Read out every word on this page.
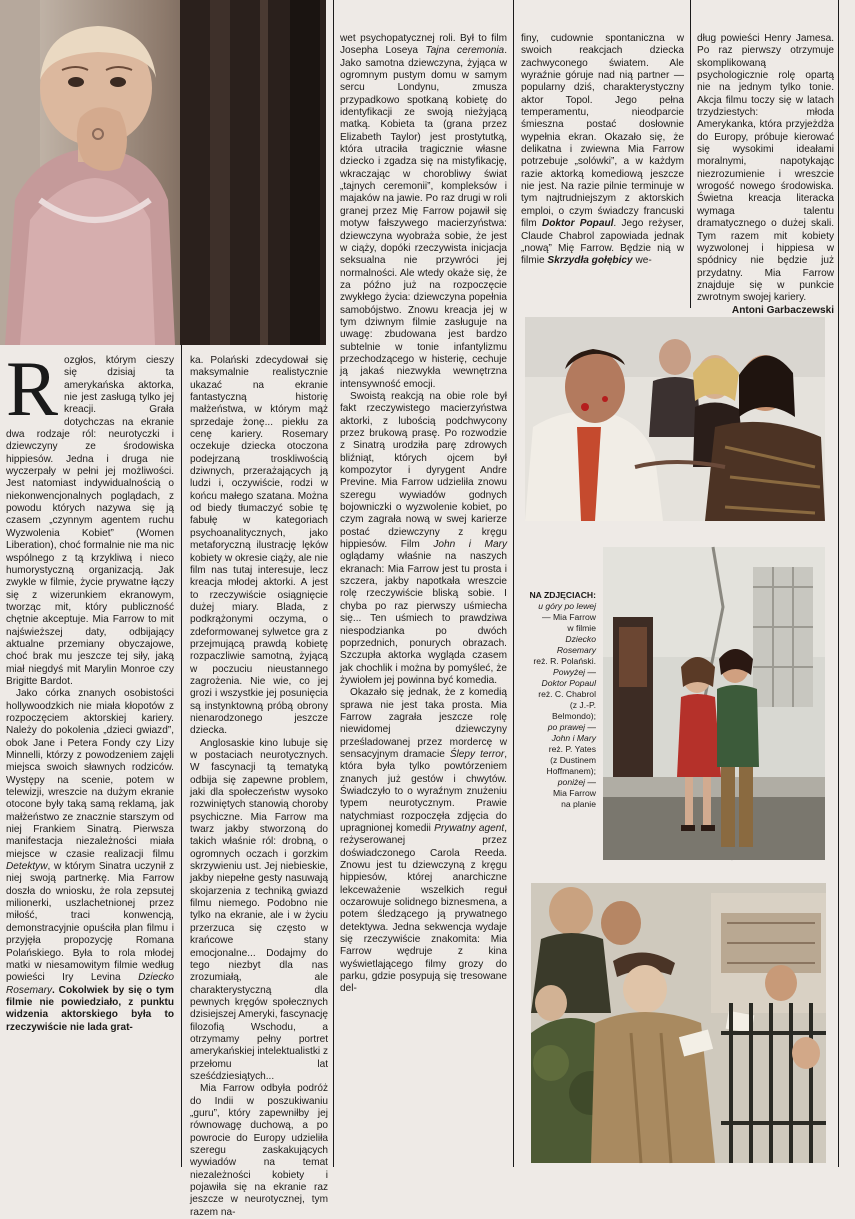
Rozgłos, którym cieszy się dzisiaj ta amerykańska aktorka, nie jest zasługą tylko jej kreacji. Grała dotychczas na ekranie dwa rodzaje ról: neurotyczki i dziewczyny ze środowiska hippiesów. Jedna i druga nie wyczerpały w pełni jej możliwości. Jest natomiast indywidualnością o niekonwencjonalnych poglądach, z powodu których nazywa się ją czasem „czynnym agentem ruchu Wyzwolenia Kobiet” (Women Liberation), choć formalnie nie ma nic wspólnego z tą krzykliwą i nieco humorystyczną organizacją. Jak zwykle w filmie, życie prywatne łączy się z wizerunkiem ekranowym, tworząc mit, który publiczność chętnie akceptuje. Mia Farrow to mit najświeższej daty, odbijający aktualne przemiany obyczajowe, choć brak mu jeszcze tej siły, jaką miał niegdyś mit Marylin Monroe czy Brigitte Bardot.

Jako córka znanych osobistości hollywoodzkich nie miała kłopotów z rozpoczęciem aktorskiej kariery. Należy do pokolenia „dzieci gwiazd”, obok Jane i Petera Fondy czy Lizy Minnelli, którzy z powodzeniem zajęli miejsca swoich sławnych rodziców. Występy na scenie, potem w telewizji, wreszcie na dużym ekranie otocone były taką samą reklamą, jak małżeństwo ze znacznie starszym od niej Frankiem Sinatrą. Pierwsza manifestacja niezależności miała miejsce w czasie realizacji filmu Detektyw, w którym Sinatra uczynił z niej swoją partnerkę. Mia Farrow doszła do wniosku, że rola zepsutej milionerki, uszlachetnionej przez miłość, traci konwencją, demonstracyjnie opuściła plan filmu i przyjęła propozycję Romana Polańskiego. Była to rola młodej matki w niesamowitym filmie według powieści Iry Levina Dziecko Rosemary. Cokolwiek by się o tym filmie nie powiedziało, z punktu widzenia aktorskiego była to rzeczywiście nie lada grat-

ka. Polański zdecydował się maksymalnie realistycznie ukazać na ekranie fantastyczną historię małżeństwa, w którym mąż sprzedaje żonę... piekłu za cenę kariery. Rosemary oczekuje dziecka otoczona podejrzaną troskliwością dziwnych, przerażających ją ludzi i, oczywiście, rodzi w końcu małego szatana. Można od biedy tłumaczyć sobie tę fabułę w kategoriach psychoanalitycznych, jako metaforyczną ilustrację lęków kobiety w okresie ciąży, ale nie film nas tutaj interesuje, lecz kreacja młodej aktorki. A jest to rzeczywiście osiągnięcie dużej miary. Blada, z podkrążonymi oczyma, o zdeformowanej sylwetce gra z przejmującą prawdą kobietę rozpaczliwie samotną, żyjącą w poczuciu nieustannego zagrożenia. Nie wie, co jej grozi i wszystkie jej posunięcia są instynktowną próbą obrony nienarodzonego jeszcze dziecka.

Anglosaskie kino lubuje się w postaciach neurotycznych. W fascynacji tą tematyką odbija się zapewne problem, jaki dla społeczeństw wysoko rozwiniętych stanowią choroby psychiczne. Mia Farrow ma twarz jakby stworzoną do takich właśnie ról: drobną, o ogromnych oczach i gorzkim skrzywieniu ust. Jej niebieskie, jakby niepełne gesty nasuwają skojarzenia z techniką gwiazd filmu niemego. Podobno nie tylko na ekranie, ale i w życiu przerzuca się często w krańcowe stany emocjonalne... Dodajmy do tego niezbyt dla nas zrozumiałą, ale charakterystyczną dla pewnych kręgów społecznych dzisiejszej Ameryki, fascynację filozofią Wschodu, a otrzymamy pełny portret amerykańskiej intelektualistki z przełomu lat sześćdziesiątych...

Mia Farrow odbyła podróż do Indii w poszukiwaniu „guru”, który zapewniłby jej równowagę duchową, a po powrocie do Europy udzieliła szeregu zaskakujących wywiadów na temat niezależności kobiety i pojawiła się na ekranie raz jeszcze w neurotycznej, tym razem na-

wet psychopatycznej roli. Był to film Josepha Loseya Tajna ceremonia. Jako samotna dziewczyna, żyjąca w ogromnym pustym domu w samym sercu Londynu, zmusza przypadkowo spotkaną kobietę do identyfikacji ze swoją nieżyjącą matką. Kobieta ta (grana przez Elizabeth Taylor) jest prostytutką, która utraciła tragicznie własne dziecko i zgadza się na mistyfikację, wkraczając w chorobliwy świat „tajnych ceremonii”, kompleksów i majaków na jawie. Po raz drugi w roli granej przez Mię Farrow pojawił się motyw fałszywego macierzyństwa: dziewczyna wyobraża sobie, że jest w ciąży, dopóki rzeczywista inicjacja seksualna nie przywróci jej normalności. Ale wtedy okaże się, że za późno już na rozpoczęcie zwykłego życia: dziewczyna popełnia samobójstwo. Znowu kreacja jej w tym dziwnym filmie zasługuje na uwagę: zbudowana jest bardzo subtelnie w tonie infantylizmu przechodzącego w histerię, cechuje ją jakaś niezwykła wewnętrzna intensywność emocji.

Swoistą reakcją na obie role był fakt rzeczywistego macierzyństwa aktorki, z lubością podchwycony przez brukową prasę. Po rozwodzie z Sinatrą urodziła parę zdrowych bliźniąt, których ojcem był kompozytor i dyrygent Andre Previne. Mia Farrow udzieliła znowu szeregu wywiadów godnych bojowniczki o wyzwolenie kobiet, po czym zagrała nową w swej karierze postać dziewczyny z kręgu hippiesów. Film John i Mary oglądamy właśnie na naszych ekranach: Mia Farrow jest tu prosta i szczera, jakby napotkała wreszcie rolę rzeczywiście bliską sobie. I chyba po raz pierwszy uśmiecha się... Ten uśmiech to prawdziwa niespodzianka po dwóch poprzednich, ponurych obrazach. Szczupła aktorka wygląda czasem jak chochlik i można by pomyśleć, że żywiołem jej powinna być komedia.

Okazało się jednak, że z komedią sprawa nie jest taka prosta. Mia Farrow zagrała jeszcze rolę niewidomej dziewczyny prześladowanej przez mordercę w sensacyjnym dramacie Ślepy terror, która była tylko powtórzeniem znanych już gestów i chwytów. Świadczyło to o wyraźnym znużeniu typem neurotycznym. Prawie natychmiast rozpoczęła zdjęcia do upragnionej komedii Prywatny agent, reżyserowanej przez doświadczonego Carola Reeda. Znowu jest tu dziewczyną z kręgu hippiesów, której anarchiczne lekceważenie wszelkich reguł oczarowuje solidnego biznesmena, a potem śledzącego ją prywatnego detektywa. Jedna sekwencja wydaje się rzeczywiście znakomita: Mia Farrow wędruje z kina wyświetlającego filmy grozy do parku, gdzie posypują się tresowane del-

finy, cudownie spontaniczna w swoich reakcjach dziecka zachwyconego światem. Ale wyraźnie góruje nad nią partner — popularny dziś, charakterystyczny aktor Topol. Jego pełna temperamentu, nieodparcie śmieszna postać dosłownie wypełnia ekran. Okazało się, że delikatna i zwiewna Mia Farrow potrzebuje „solówki”, a w każdym razie aktorką komediową jeszcze nie jest. Na razie pilnie terminuje w tym najtrudniejszym z aktorskich emploi, o czym świadczy francuski film Doktor Popaul. Jego reżyser, Claude Chabrol zapowiada jednak „nową” Mię Farrow. Będzie nią w filmie Skrzydła gołębicy we-

dług powieści Henry Jamesa. Po raz pierwszy otrzymuje skomplikowaną psychologicznie rolę opartą nie na jednym tylko tonie. Akcja filmu toczy się w latach trzydziestych: młoda Amerykanka, która przyjeżdża do Europy, próbuje kierować się wysokimi ideałami moralnymi, napotykając niezrozumienie i wreszcie wrogość nowego środowiska. Świetna kreacja literacka wymaga talentu dramatycznego o dużej skali. Tym razem mit kobiety wyzwolonej i hippiesa w spódnicy nie będzie już przydatny. Mia Farrow znajduje się w punkcie zwrotnym swojej kariery.

Antoni Garbaczewski

NA ZDJĘCIACH:
u góry po lewej
— Mia Farrow
w filmie
Dziecko
Rosemary
reż. R. Polański.
Powyżej —
Doktor Popaul
reż. C. Chabrol
(z J.-P.
Belmondo);
po prawej —
John i Mary
reż. P. Yates
(z Dustinem
Hoffmanem);
poniżej —
Mia Farrow
na planie
